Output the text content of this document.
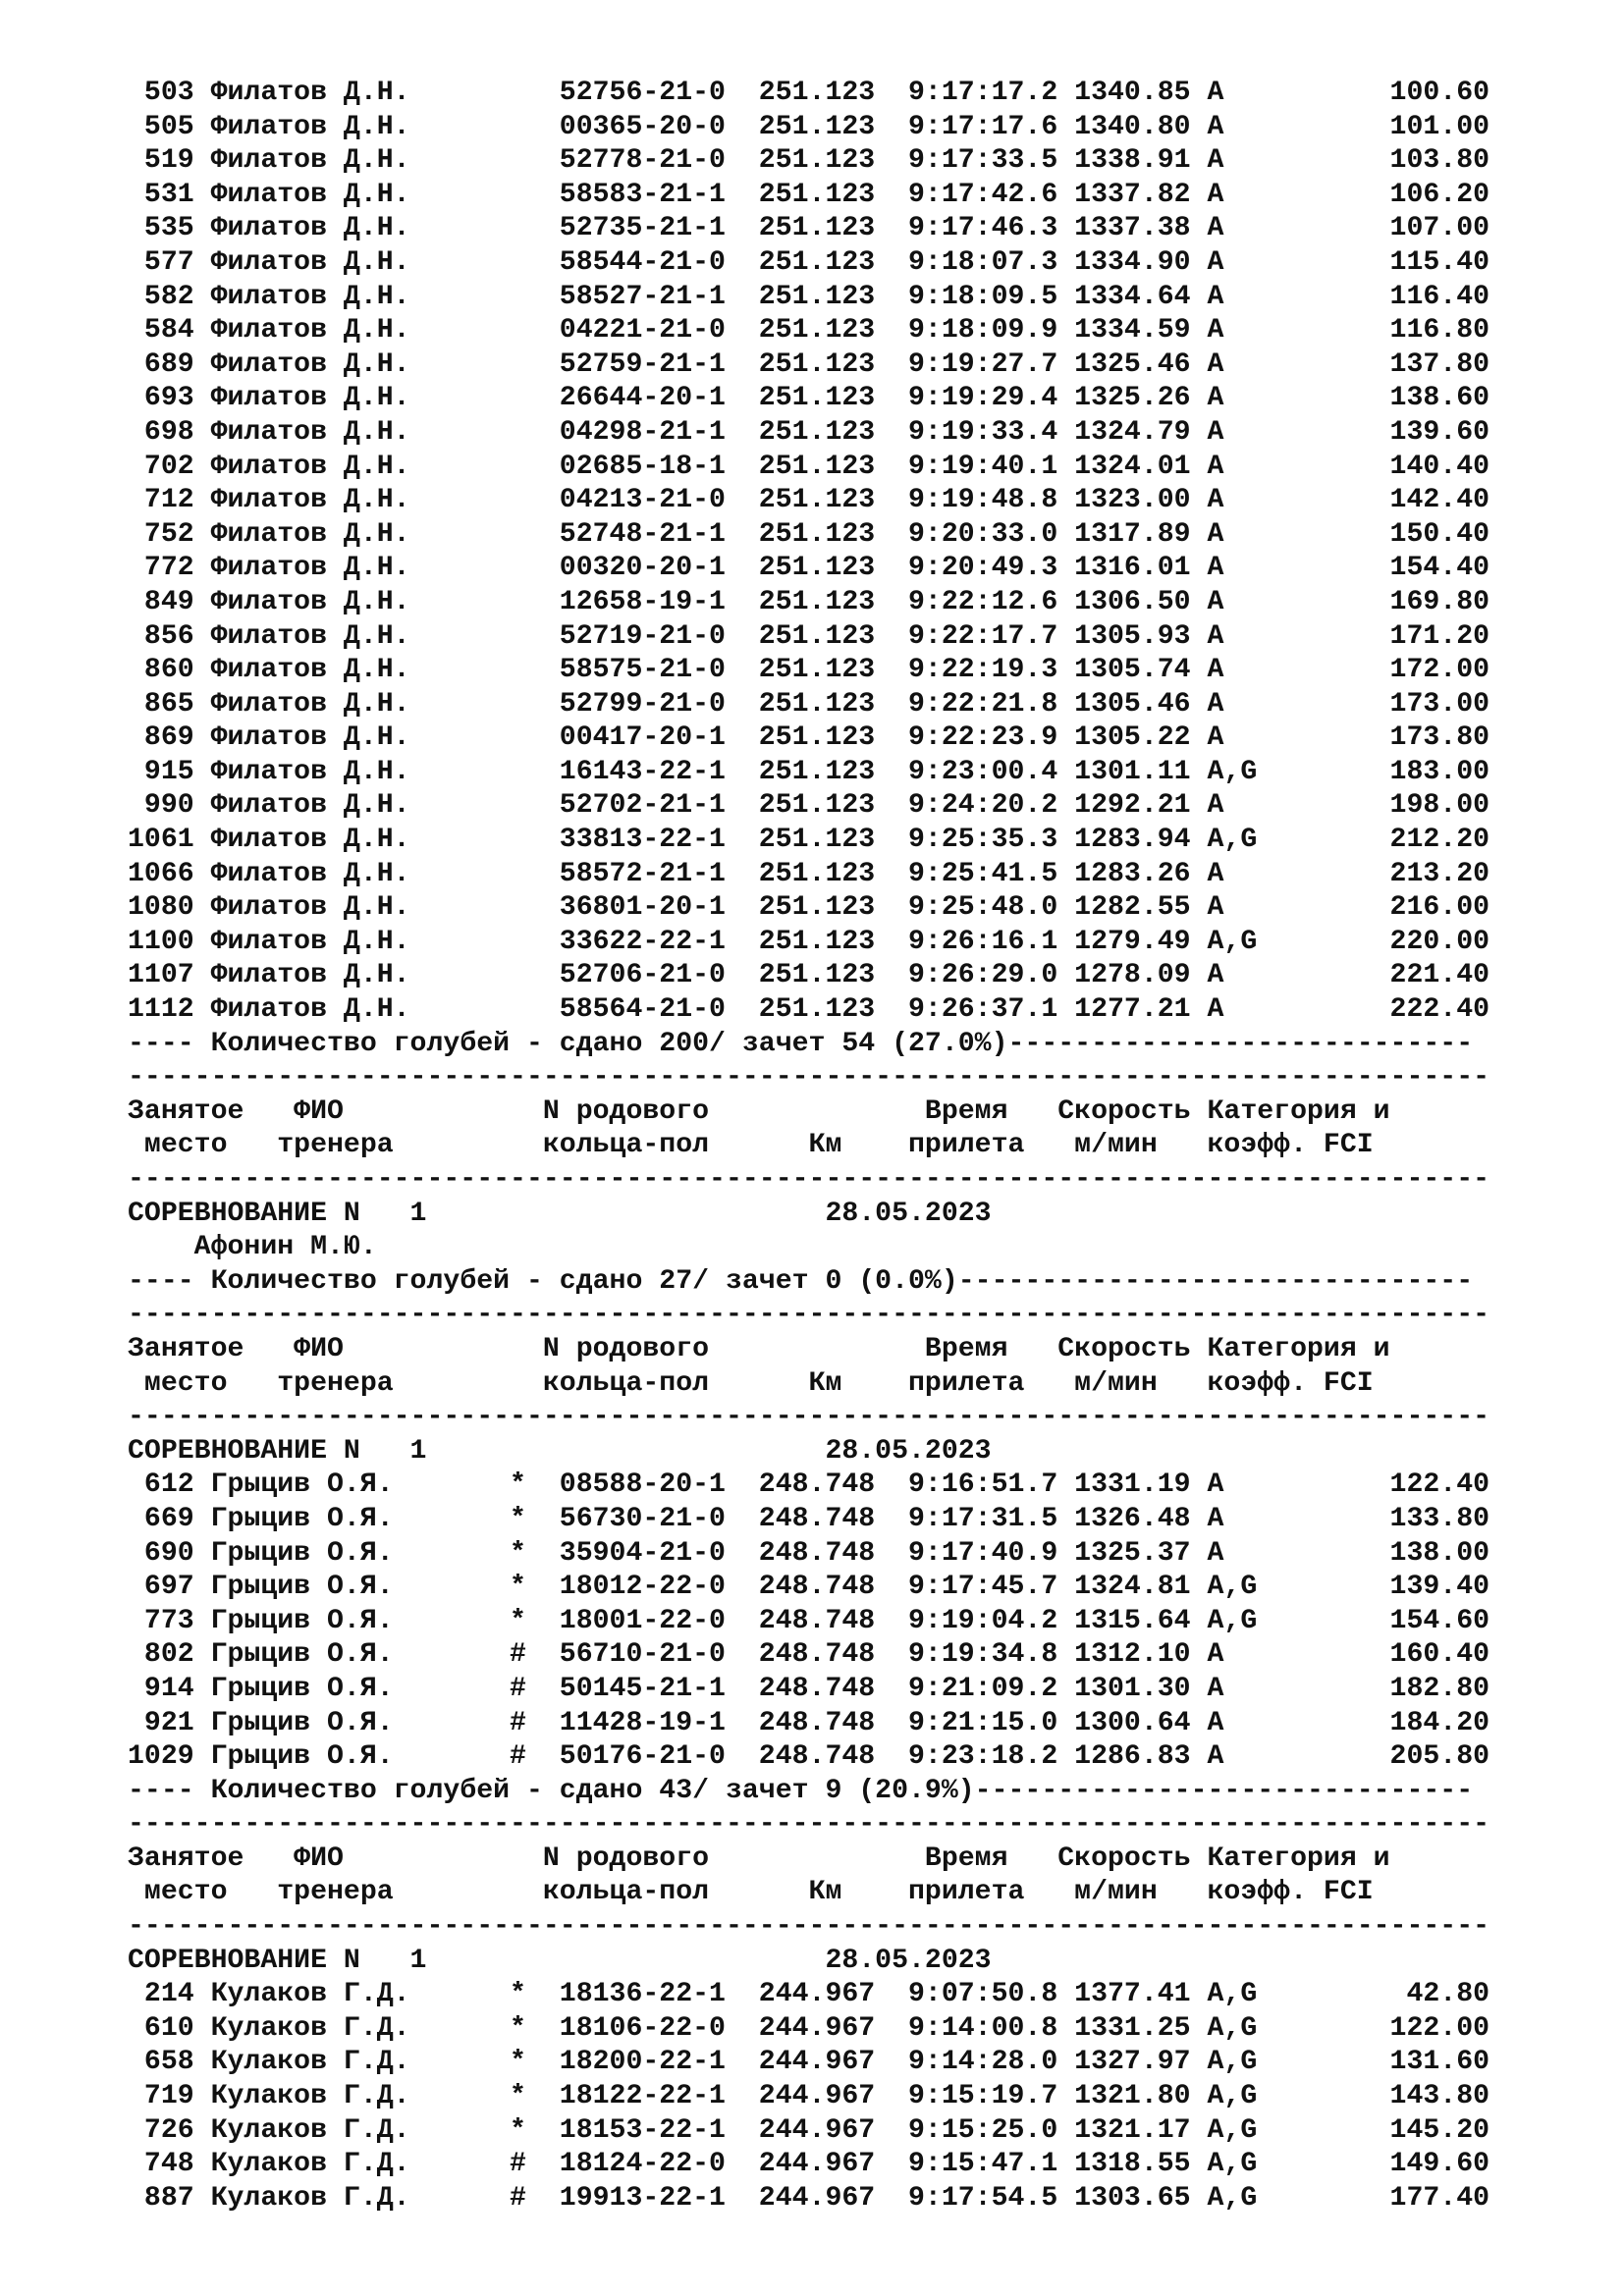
503 Филатов Д.Н.         52756-21-0  251.123  9:17:17.2 1340.85 A          100.60
505 Филатов Д.Н.         00365-20-0  251.123  9:17:17.6 1340.80 A          101.00
519 Филатов Д.Н.         52778-21-0  251.123  9:17:33.5 1338.91 A          103.80
531 Филатов Д.Н.         58583-21-1  251.123  9:17:42.6 1337.82 A          106.20
535 Филатов Д.Н.         52735-21-1  251.123  9:17:46.3 1337.38 A          107.00
577 Филатов Д.Н.         58544-21-0  251.123  9:18:07.3 1334.90 A          115.40
582 Филатов Д.Н.         58527-21-1  251.123  9:18:09.5 1334.64 A          116.40
584 Филатов Д.Н.         04221-21-0  251.123  9:18:09.9 1334.59 A          116.80
689 Филатов Д.Н.         52759-21-1  251.123  9:19:27.7 1325.46 A          137.80
693 Филатов Д.Н.         26644-20-1  251.123  9:19:29.4 1325.26 A          138.60
698 Филатов Д.Н.         04298-21-1  251.123  9:19:33.4 1324.79 A          139.60
702 Филатов Д.Н.         02685-18-1  251.123  9:19:40.1 1324.01 A          140.40
712 Филатов Д.Н.         04213-21-0  251.123  9:19:48.8 1323.00 A          142.40
752 Филатов Д.Н.         52748-21-1  251.123  9:20:33.0 1317.89 A          150.40
772 Филатов Д.Н.         00320-20-1  251.123  9:20:49.3 1316.01 A          154.40
849 Филатов Д.Н.         12658-19-1  251.123  9:22:12.6 1306.50 A          169.80
856 Филатов Д.Н.         52719-21-0  251.123  9:22:17.7 1305.93 A          171.20
860 Филатов Д.Н.         58575-21-0  251.123  9:22:19.3 1305.74 A          172.00
865 Филатов Д.Н.         52799-21-0  251.123  9:22:21.8 1305.46 A          173.00
869 Филатов Д.Н.         00417-20-1  251.123  9:22:23.9 1305.22 A          173.80
915 Филатов Д.Н.         16143-22-1  251.123  9:23:00.4 1301.11 A,G        183.00
990 Филатов Д.Н.         52702-21-1  251.123  9:24:20.2 1292.21 A          198.00
1061 Филатов Д.Н.         33813-22-1  251.123  9:25:35.3 1283.94 A,G        212.20
1066 Филатов Д.Н.         58572-21-1  251.123  9:25:41.5 1283.26 A          213.20
1080 Филатов Д.Н.         36801-20-1  251.123  9:25:48.0 1282.55 A          216.00
1100 Филатов Д.Н.         33622-22-1  251.123  9:26:16.1 1279.49 A,G        220.00
1107 Филатов Д.Н.         52706-21-0  251.123  9:26:29.0 1278.09 A          221.40
1112 Филатов Д.Н.         58564-21-0  251.123  9:26:37.1 1277.21 A          222.40
---- Количество голубей - сдано 200/ зачет 54 (27.0%)----------------------------
----------------------------------------------------------------------------------
Занятое   ФИО            N родового             Время   Скорость Категория и
место   тренера         кольца-пол      Км    прилета   м/мин   коэфф. FCI
----------------------------------------------------------------------------------
СОРЕВНОВАНИЕ N   1                        28.05.2023
Афонин М.Ю.
---- Количество голубей - сдано 27/ зачет 0 (0.0%)-------------------------------
----------------------------------------------------------------------------------
Занятое   ФИО            N родового             Время   Скорость Категория и
место   тренера         кольца-пол      Км    прилета   м/мин   коэфф. FCI
----------------------------------------------------------------------------------
СОРЕВНОВАНИЕ N   1                        28.05.2023
612 Грыцив О.Я.       *  08588-20-1  248.748  9:16:51.7 1331.19 A          122.40
669 Грыцив О.Я.       *  56730-21-0  248.748  9:17:31.5 1326.48 A          133.80
690 Грыцив О.Я.       *  35904-21-0  248.748  9:17:40.9 1325.37 A          138.00
697 Грыцив О.Я.       *  18012-22-0  248.748  9:17:45.7 1324.81 A,G        139.40
773 Грыцив О.Я.       *  18001-22-0  248.748  9:19:04.2 1315.64 A,G        154.60
802 Грыцив О.Я.       #  56710-21-0  248.748  9:19:34.8 1312.10 A          160.40
914 Грыцив О.Я.       #  50145-21-1  248.748  9:21:09.2 1301.30 A          182.80
921 Грыцив О.Я.       #  11428-19-1  248.748  9:21:15.0 1300.64 A          184.20
1029 Грыцив О.Я.       #  50176-21-0  248.748  9:23:18.2 1286.83 A          205.80
---- Количество голубей - сдано 43/ зачет 9 (20.9%)------------------------------
----------------------------------------------------------------------------------
Занятое   ФИО            N родового             Время   Скорость Категория и
место   тренера         кольца-пол      Км    прилета   м/мин   коэфф. FCI
----------------------------------------------------------------------------------
СОРЕВНОВАНИЕ N   1                        28.05.2023
214 Кулаков Г.Д.      *  18136-22-1  244.967  9:07:50.8 1377.41 A,G         42.80
610 Кулаков Г.Д.      *  18106-22-0  244.967  9:14:00.8 1331.25 A,G        122.00
658 Кулаков Г.Д.      *  18200-22-1  244.967  9:14:28.0 1327.97 A,G        131.60
719 Кулаков Г.Д.      *  18122-22-1  244.967  9:15:19.7 1321.80 A,G        143.80
726 Кулаков Г.Д.      *  18153-22-1  244.967  9:15:25.0 1321.17 A,G        145.20
748 Кулаков Г.Д.      #  18124-22-0  244.967  9:15:47.1 1318.55 A,G        149.60
887 Кулаков Г.Д.      #  19913-22-1  244.967  9:17:54.5 1303.65 A,G        177.40
